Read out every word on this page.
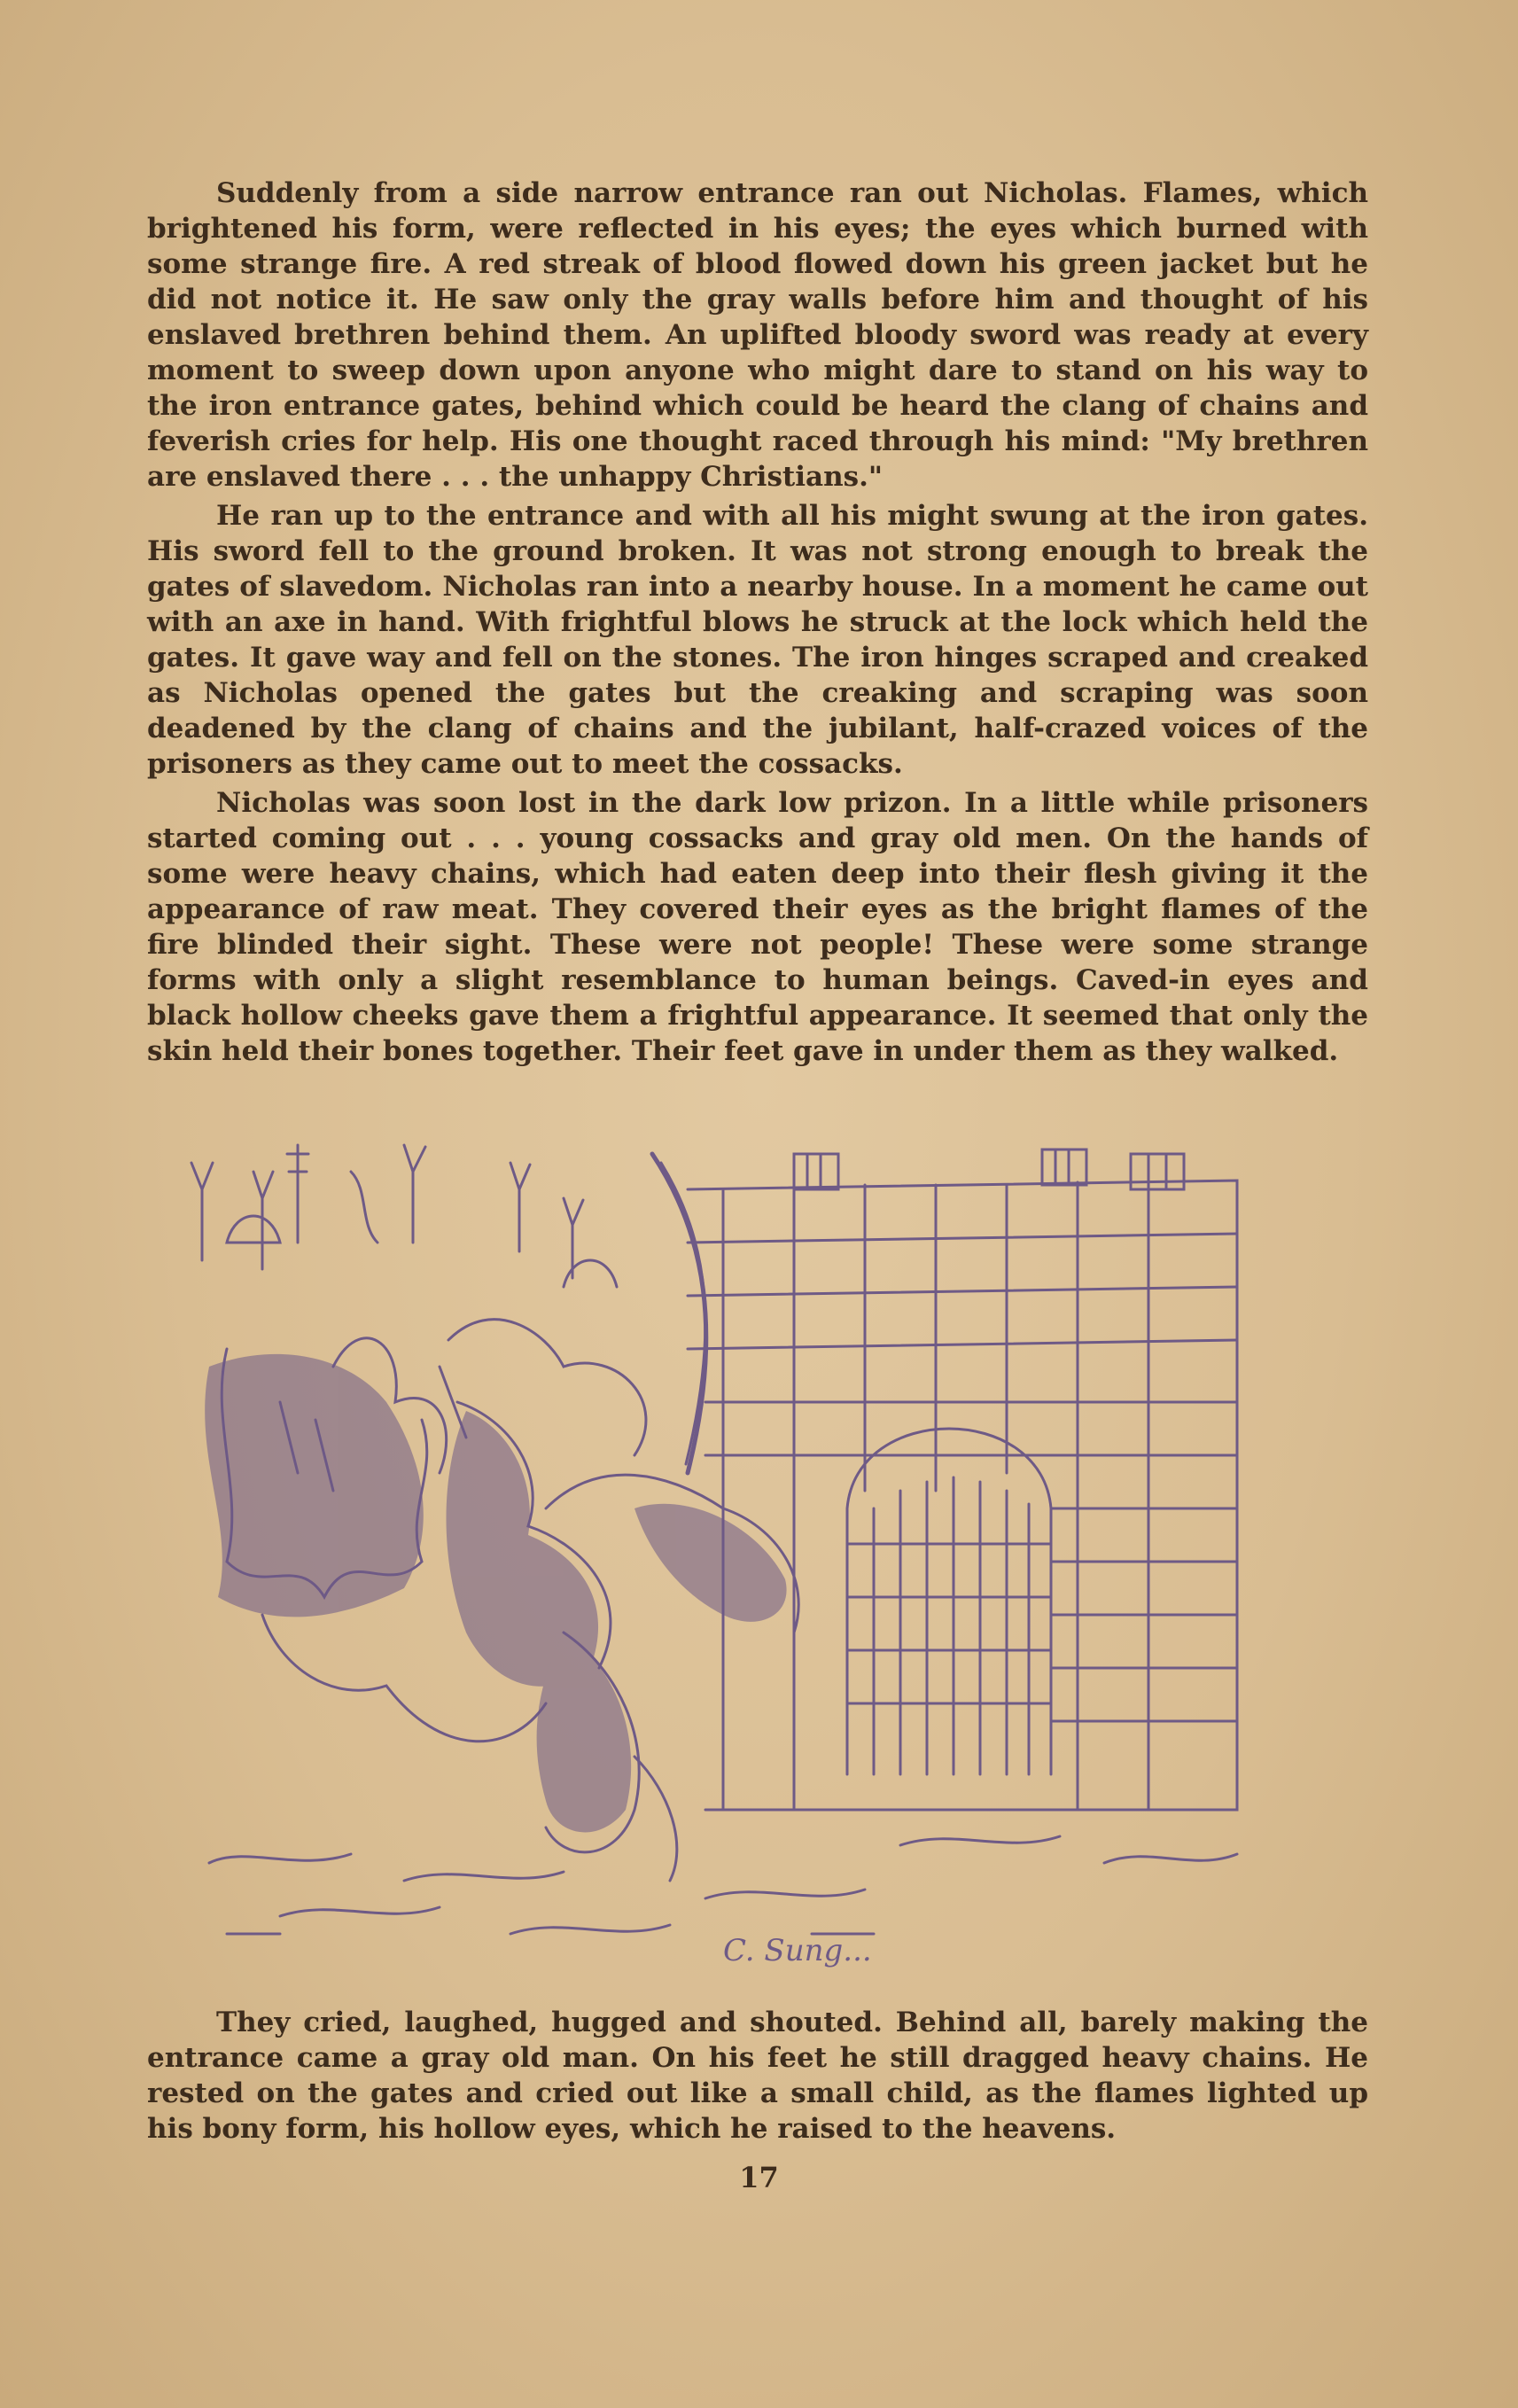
Suddenly from a side narrow entrance ran out Nicholas. Flames, which brightened his form, were reflected in his eyes; the eyes which burned with some strange fire. A red streak of blood flowed down his green jacket but he did not notice it. He saw only the gray walls before him and thought of his enslaved brethren behind them. An uplifted bloody sword was ready at every moment to sweep down upon anyone who might dare to stand on his way to the iron entrance gates, behind which could be heard the clang of chains and feverish cries for help. His one thought raced through his mind: "My brethren are enslaved there . . . the unhappy Christians."

He ran up to the entrance and with all his might swung at the iron gates. His sword fell to the ground broken. It was not strong enough to break the gates of slavedom. Nicholas ran into a nearby house. In a moment he came out with an axe in hand. With frightful blows he struck at the lock which held the gates. It gave way and fell on the stones. The iron hinges scraped and creaked as Nicholas opened the gates but the creaking and scraping was soon deadened by the clang of chains and the jubilant, half-crazed voices of the prisoners as they came out to meet the cossacks.

Nicholas was soon lost in the dark low prizon. In a little while prisoners started coming out . . . young cossacks and gray old men. On the hands of some were heavy chains, which had eaten deep into their flesh giving it the appearance of raw meat. They covered their eyes as the bright flames of the fire blinded their sight. These were not people! These were some strange forms with only a slight resemblance to human beings. Caved-in eyes and black hollow cheeks gave them a frightful appearance. It seemed that only the skin held their bones together. Their feet gave in under them as they walked.

C. Sung...

They cried, laughed, hugged and shouted. Behind all, barely making the entrance came a gray old man. On his feet he still dragged heavy chains. He rested on the gates and cried out like a small child, as the flames lighted up his bony form, his hollow eyes, which he raised to the heavens.

17
